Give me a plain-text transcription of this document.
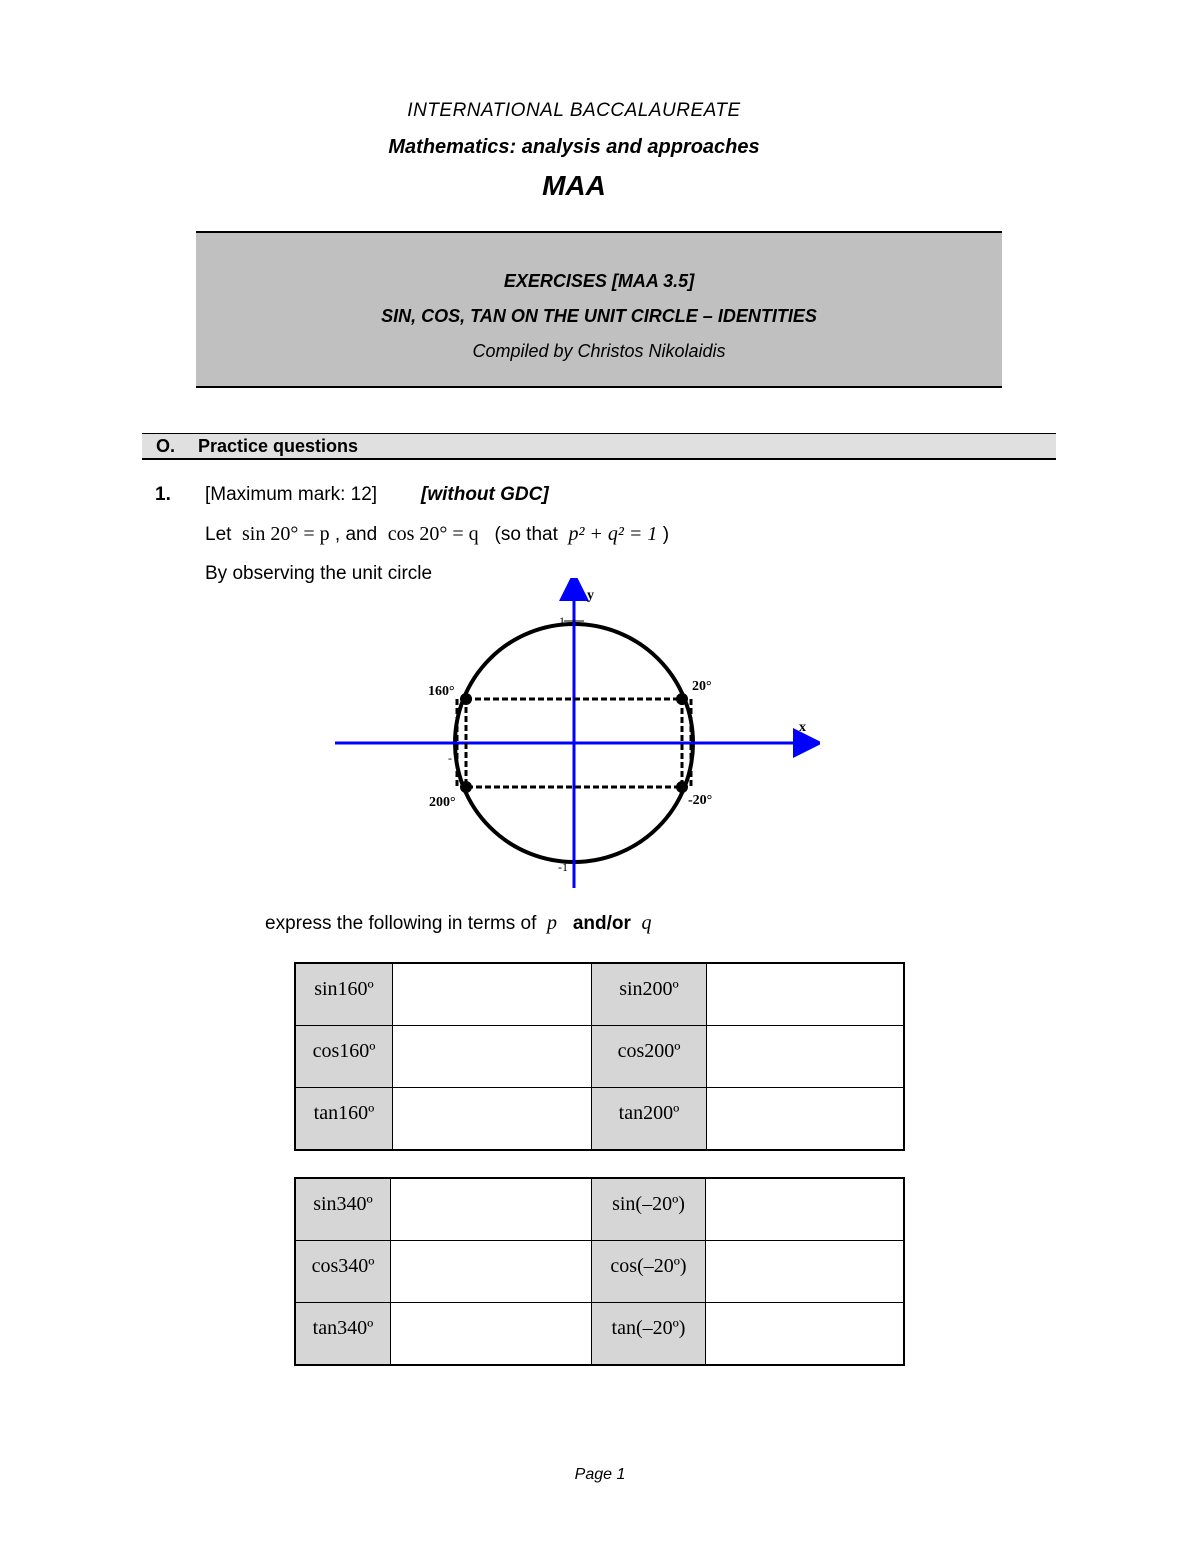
INTERNATIONAL BACCALAUREATE
Mathematics: analysis and approaches
MAA
EXERCISES [MAA 3.5]
SIN, COS, TAN ON THE UNIT CIRCLE – IDENTITIES
Compiled by Christos Nikolaidis
O. Practice questions
1. [Maximum mark: 12] [without GDC]
Let sin 20° = p , and cos 20° = q (so that p² + q² = 1 )
By observing the unit circle
x
y
1
-1
-
20°
160°
200°	-20°
express the following in terms of p and/or q
sin160º		sin200º	

cos160º		cos200º	

tan160º		tan200º	

sin340º		sin(–20º)	

cos340º		cos(–20º)	

tan340º		tan(–20º)	

Page 1
